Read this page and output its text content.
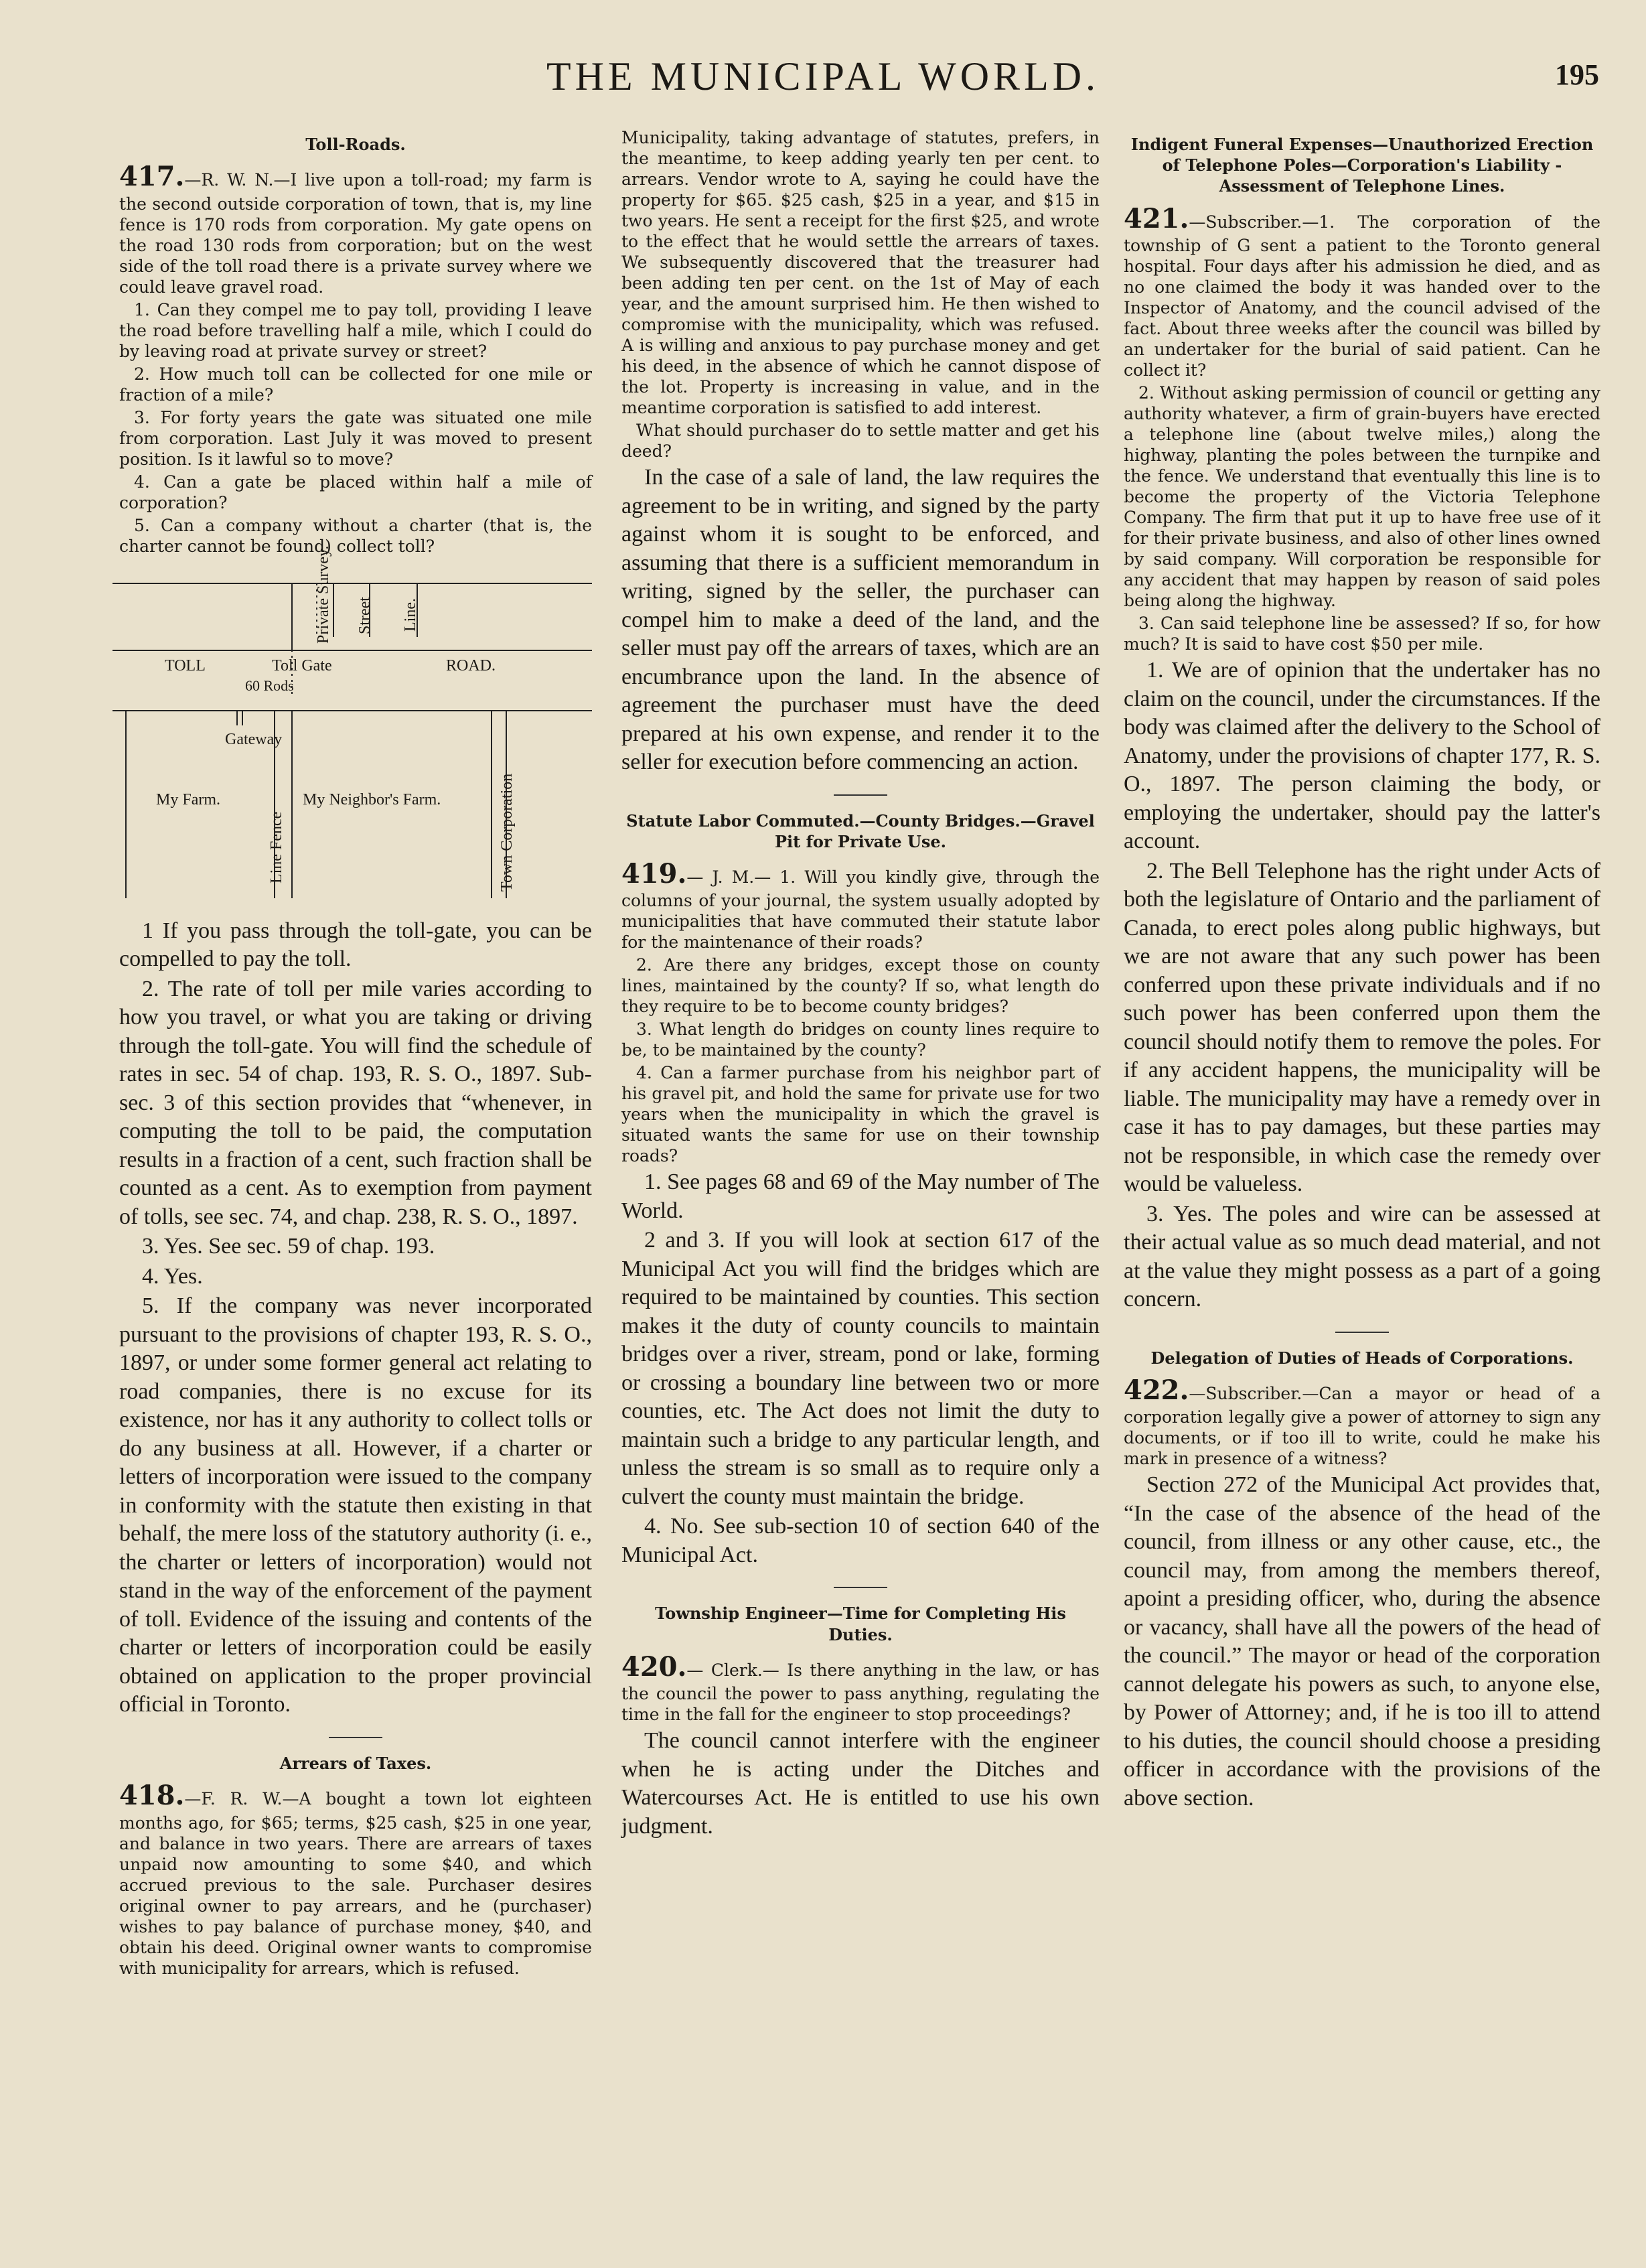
THE MUNICIPAL WORLD.	195
Toll-Roads.

417.—R. W. N.—I live upon a toll-road; my farm is the second outside corporation of town, that is, my line fence is 170 rods from corporation. My gate opens on the road 130 rods from corporation; but on the west side of the toll road there is a private survey where we could leave gravel road.

1. Can they compel me to pay toll, providing I leave the road before travelling half a mile, which I could do by leaving road at private survey or street?

2. How much toll can be collected for one mile or fraction of a mile?

3. For forty years the gate was situated one mile from corporation. Last July it was moved to present position. Is it lawful so to move?

4. Can a gate be placed within half a mile of corporation?

5. Can a company without a charter (that is, the charter cannot be found) collect toll?

Private Survey. Street Line.
TOLL	Toll Gate	ROAD.
60 Rods
Gateway
My Farm.
Line Fence
My Neighbor's Farm.	Town Corporation

1 If you pass through the toll-gate, you can be compelled to pay the toll.

2. The rate of toll per mile varies according to how you travel, or what you are taking or driving through the toll-gate. You will find the schedule of rates in sec. 54 of chap. 193, R. S. O., 1897. Sub-sec. 3 of this section provides that “whenever, in computing the toll to be paid, the computation results in a fraction of a cent, such fraction shall be counted as a cent. As to exemption from payment of tolls, see sec. 74, and chap. 238, R. S. O., 1897.

3. Yes. See sec. 59 of chap. 193.

4. Yes.

5. If the company was never incorporated pursuant to the provisions of chapter 193, R. S. O., 1897, or under some former general act relating to road companies, there is no excuse for its existence, nor has it any authority to collect tolls or do any business at all. However, if a charter or letters of incorporation were issued to the company in conformity with the statute then existing in that behalf, the mere loss of the statutory authority (i. e., the charter or letters of incorporation) would not stand in the way of the enforcement of the payment of toll. Evidence of the issuing and contents of the charter or letters of incorporation could be easily obtained on application to the proper provincial official in Toronto.

Arrears of Taxes.

418.—F. R. W.—A bought a town lot eighteen months ago, for $65; terms, $25 cash, $25 in one year, and balance in two years. There are arrears of taxes unpaid now amounting to some $40, and which accrued previous to the sale. Purchaser desires original owner to pay arrears, and he (purchaser) wishes to pay balance of purchase money, $40, and obtain his deed. Original owner wants to compromise with municipality for arrears, which is refused.

Municipality, taking advantage of statutes, prefers, in the meantime, to keep adding yearly ten per cent. to arrears. Vendor wrote to A, saying he could have the property for $65. $25 cash, $25 in a year, and $15 in two years. He sent a receipt for the first $25, and wrote to the effect that he would settle the arrears of taxes. We subsequently discovered that the treasurer had been adding ten per cent. on the 1st of May of each year, and the amount surprised him. He then wished to compromise with the municipality, which was refused. A is willing and anxious to pay purchase money and get his deed, in the absence of which he cannot dispose of the lot. Property is increasing in value, and in the meantime corporation is satisfied to add interest.

What should purchaser do to settle matter and get his deed?

In the case of a sale of land, the law requires the agreement to be in writing, and signed by the party against whom it is sought to be enforced, and assuming that there is a sufficient memorandum in writing, signed by the seller, the purchaser can compel him to make a deed of the land, and the seller must pay off the arrears of taxes, which are an encumbrance upon the land. In the absence of agreement the purchaser must have the deed prepared at his own expense, and render it to the seller for execution before commencing an action.

Statute Labor Commuted.—County Bridges.—Gravel Pit for Private Use.

419.— J. M.— 1. Will you kindly give, through the columns of your journal, the system usually adopted by municipalities that have commuted their statute labor for the maintenance of their roads?

2. Are there any bridges, except those on county lines, maintained by the county? If so, what length do they require to be to become county bridges?

3. What length do bridges on county lines require to be, to be maintained by the county?

4. Can a farmer purchase from his neighbor part of his gravel pit, and hold the same for private use for two years when the municipality in which the gravel is situated wants the same for use on their township roads?

1. See pages 68 and 69 of the May number of The World.

2 and 3. If you will look at section 617 of the Municipal Act you will find the bridges which are required to be maintained by counties. This section makes it the duty of county councils to maintain bridges over a river, stream, pond or lake, forming or crossing a boundary line between two or more counties, etc. The Act does not limit the duty to maintain such a bridge to any particular length, and unless the stream is so small as to require only a culvert the county must maintain the bridge.

4. No. See sub-section 10 of section 640 of the Municipal Act.

Township Engineer—Time for Completing His Duties.

420.— Clerk.— Is there anything in the law, or has the council the power to pass anything, regulating the time in the fall for the engineer to stop proceedings?

The council cannot interfere with the engineer when he is acting under the Ditches and Watercourses Act. He is entitled to use his own judgment.

Indigent Funeral Expenses—Unauthorized Erection of Telephone Poles—Corporation's Liability - Assessment of Telephone Lines.

421.—Subscriber.—1. The corporation of the township of G sent a patient to the Toronto general hospital. Four days after his admission he died, and as no one claimed the body it was handed over to the Inspector of Anatomy, and the council advised of the fact. About three weeks after the council was billed by an undertaker for the burial of said patient. Can he collect it?

2. Without asking permission of council or getting any authority whatever, a firm of grain-buyers have erected a telephone line (about twelve miles,) along the highway, planting the poles between the turnpike and the fence. We understand that eventually this line is to become the property of the Victoria Telephone Company. The firm that put it up to have free use of it for their private business, and also of other lines owned by said company. Will corporation be responsible for any accident that may happen by reason of said poles being along the highway.

3. Can said telephone line be assessed? If so, for how much? It is said to have cost $50 per mile.

1. We are of opinion that the undertaker has no claim on the council, under the circumstances. If the body was claimed after the delivery to the School of Anatomy, under the provisions of chapter 177, R. S. O., 1897. The person claiming the body, or employing the undertaker, should pay the latter's account.

2. The Bell Telephone has the right under Acts of both the legislature of Ontario and the parliament of Canada, to erect poles along public highways, but we are not aware that any such power has been conferred upon these private individuals and if no such power has been conferred upon them the council should notify them to remove the poles. For if any accident happens, the municipality will be liable. The municipality may have a remedy over in case it has to pay damages, but these parties may not be responsible, in which case the remedy over would be valueless.

3. Yes. The poles and wire can be assessed at their actual value as so much dead material, and not at the value they might possess as a part of a going concern.

Delegation of Duties of Heads of Corporations.

422.—Subscriber.—Can a mayor or head of a corporation legally give a power of attorney to sign any documents, or if too ill to write, could he make his mark in presence of a witness?

Section 272 of the Municipal Act provides that, “In the case of the absence of the head of the council, from illness or any other cause, etc., the council may, from among the members thereof, apoint a presiding officer, who, during the absence or vacancy, shall have all the powers of the head of the council.” The mayor or head of the corporation cannot delegate his powers as such, to anyone else, by Power of Attorney; and, if he is too ill to attend to his duties, the council should choose a presiding officer in accordance with the provisions of the above section.
